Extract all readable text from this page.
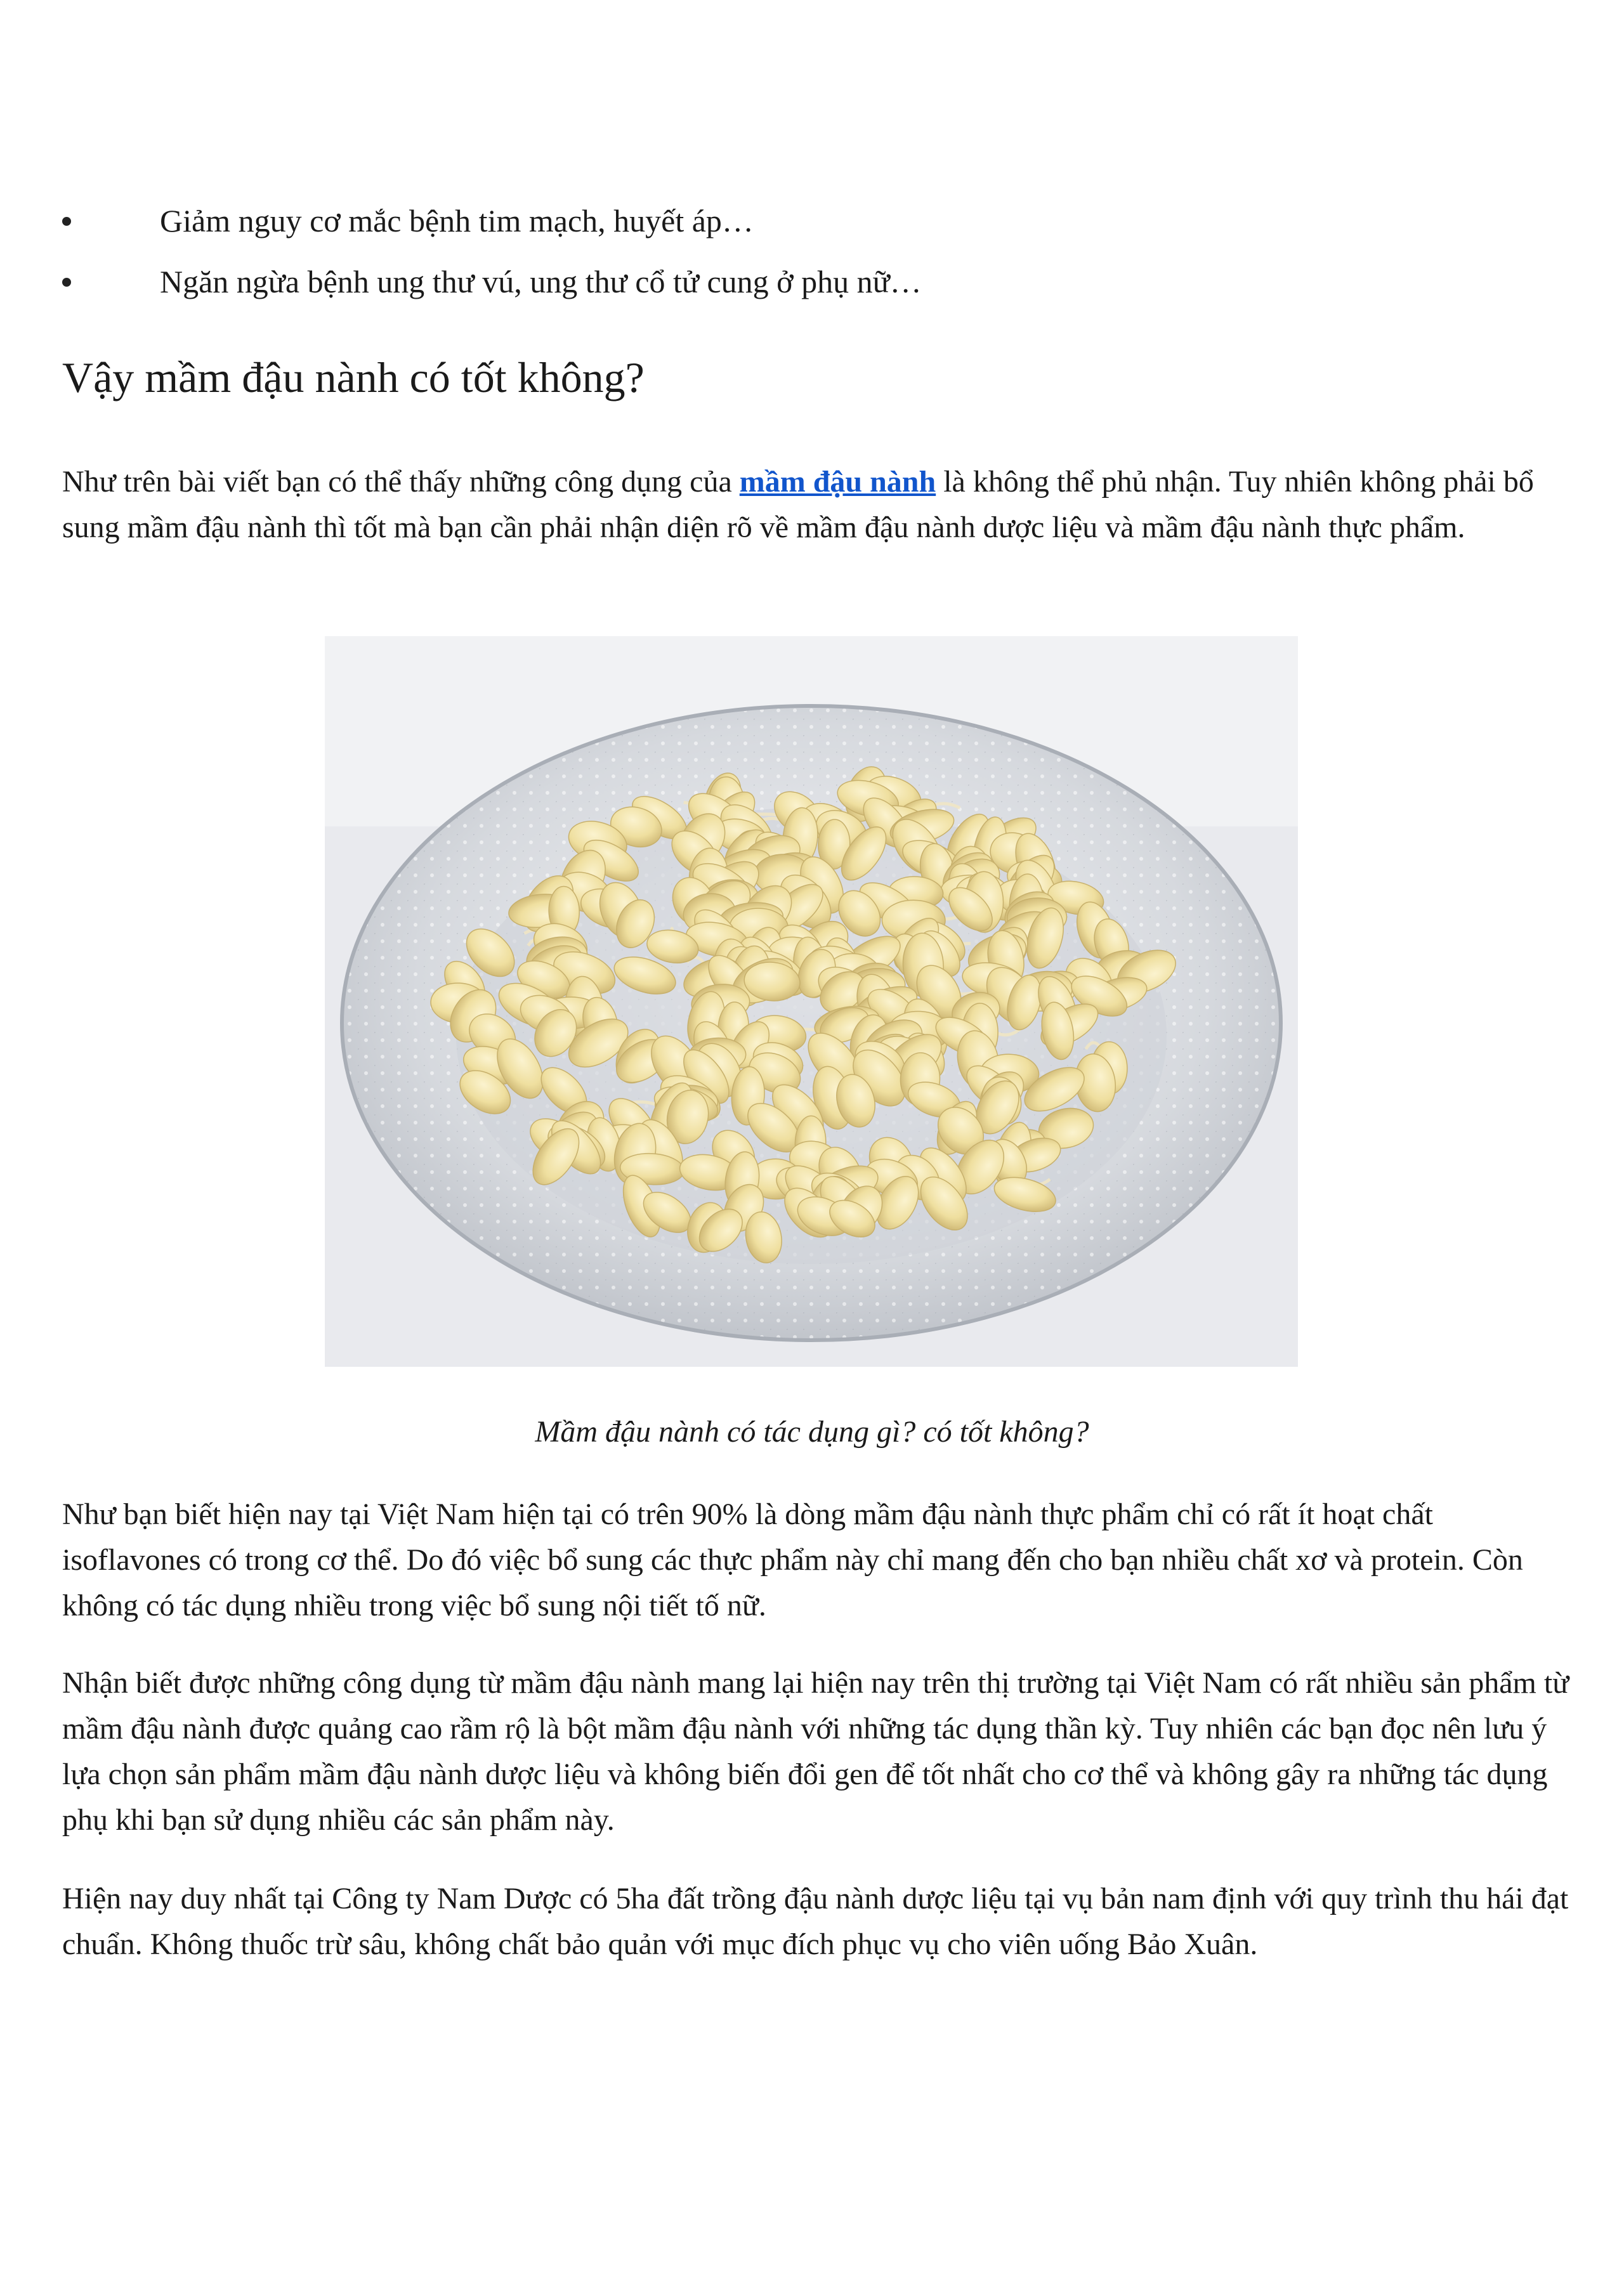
Giảm nguy cơ mắc bệnh tim mạch, huyết áp…
Ngăn ngừa bệnh ung thư vú, ung thư cổ tử cung ở phụ nữ…
Vậy mầm đậu nành có tốt không?

Như trên bài viết bạn có thể thấy những công dụng của mầm đậu nành là không thể phủ nhận. Tuy nhiên không phải bổ sung mầm đậu nành thì tốt mà bạn cần phải nhận diện rõ về mầm đậu nành dược liệu và mầm đậu nành thực phẩm.

Mầm đậu nành có tác dụng gì? có tốt không?

Như bạn biết hiện nay tại Việt Nam hiện tại có trên 90% là dòng mầm đậu nành thực phẩm chỉ có rất ít hoạt chất isoflavones có trong cơ thể. Do đó việc bổ sung các thực phẩm này chỉ mang đến cho bạn nhiều chất xơ và protein. Còn không có tác dụng nhiều trong việc bổ sung nội tiết tố nữ.

Nhận biết được những công dụng từ mầm đậu nành mang lại hiện nay trên thị trường tại Việt Nam có rất nhiều sản phẩm từ mầm đậu nành được quảng cao rầm rộ là bột mầm đậu nành với những tác dụng thần kỳ. Tuy nhiên các bạn đọc nên lưu ý lựa chọn sản phẩm mầm đậu nành dược liệu và không biến đổi gen để tốt nhất cho cơ thể và không gây ra những tác dụng phụ khi bạn sử dụng nhiều các sản phẩm này.

Hiện nay duy nhất tại Công ty Nam Dược có 5ha đất trồng đậu nành dược liệu tại vụ bản nam định với quy trình thu hái đạt chuẩn. Không thuốc trừ sâu, không chất bảo quản với mục đích phục vụ cho viên uống Bảo Xuân.
